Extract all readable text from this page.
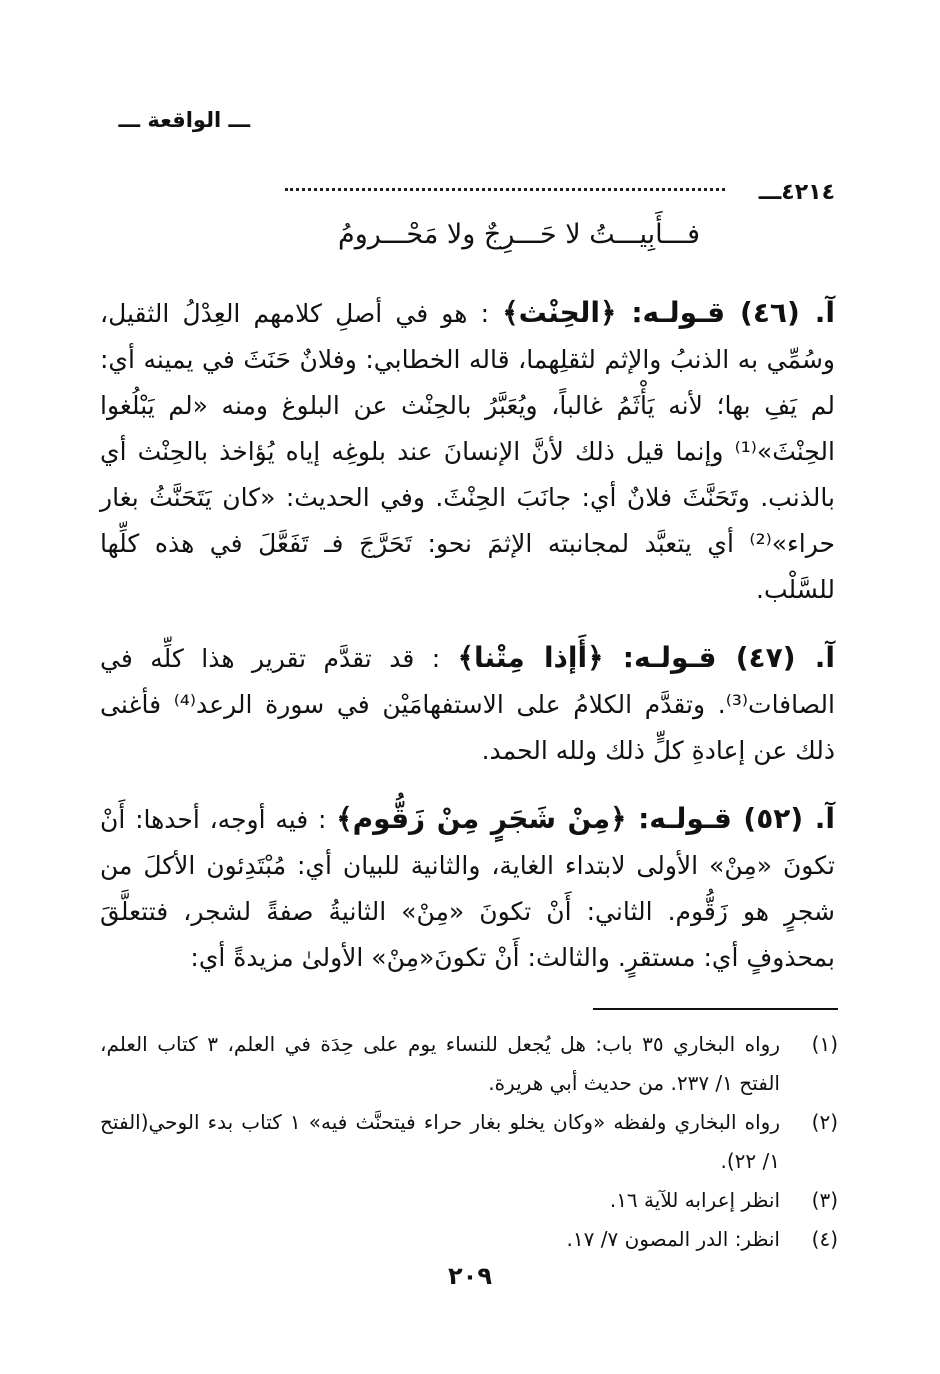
ـــ الواقعة ـــ
٤٢١٤ـــ
فـــأَبِيـــتُ لا حَـــرِجٌ ولا مَحْـــرومُ

آ. (٤٦) قـولـه: ﴿الحِنْث﴾ : هو في أصلِ كلامهم العِدْلُ الثقيل، وسُمِّي به الذنبُ والإثم لثقلِهما، قاله الخطابي: وفلانٌ حَنَثَ في يمينه أي: لم يَفِ بها؛ لأنه يَأْثَمُ غالباً، ويُعَبَّرُ بالحِنْث عن البلوغ ومنه «لم يَبْلُغوا الحِنْثَ»⁽¹⁾ وإنما قيل ذلك لأنَّ الإنسانَ عند بلوغِه إياه يُؤاخذ بالحِنْث أي بالذنب. وتَحَنَّثَ فلانٌ أي: جانَبَ الحِنْثَ. وفي الحديث: «كان يَتَحَنَّثُ بغار حراء»⁽²⁾ أي يتعبَّد لمجانبته الإثمَ نحو: تَحَرَّجَ فـ تَفَعَّلَ في هذه كلِّها للسَّلْب.

آ. (٤٧) قـولـه: ﴿أَإذا مِتْنا﴾ : قد تقدَّم تقرير هذا كلِّه في الصافات⁽³⁾. وتقدَّم الكلامُ على الاستفهامَيْن في سورة الرعد⁽⁴⁾ فأغنى ذلك عن إعادةِ كلٍّ ذلك ولله الحمد.

آ. (٥٢) قـولـه: ﴿مِنْ شَجَرٍ مِنْ زَقُّوم﴾ : فيه أوجه، أحدها: أَنْ تكونَ «مِنْ» الأولى لابتداء الغاية، والثانية للبيان أي: مُبْتَدِئون الأكلَ من شجرٍ هو زَقُّوم. الثاني: أَنْ تكونَ «مِنْ» الثانيةُ صفةً لشجر، فتتعلَّقَ بمحذوفٍ أي: مستقرٍ. والثالث: أَنْ تكونَ«مِنْ» الأولىٰ مزيدةً أي:

(١)
رواه البخاري ٣٥ باب: هل يُجعل للنساء يوم على حِدَة في العلم، ٣ كتاب العلم، الفتح ١/ ٢٣٧. من حديث أبي هريرة.
(٢)
رواه البخاري ولفظه «وكان يخلو بغار حراء فيتحنَّث فيه» ١ كتاب بدء الوحي(الفتح ١/ ٢٢).
(٣)
انظر إعرابه للآية ١٦.
(٤)
انظر: الدر المصون ٧/ ١٧.
٢٠٩
